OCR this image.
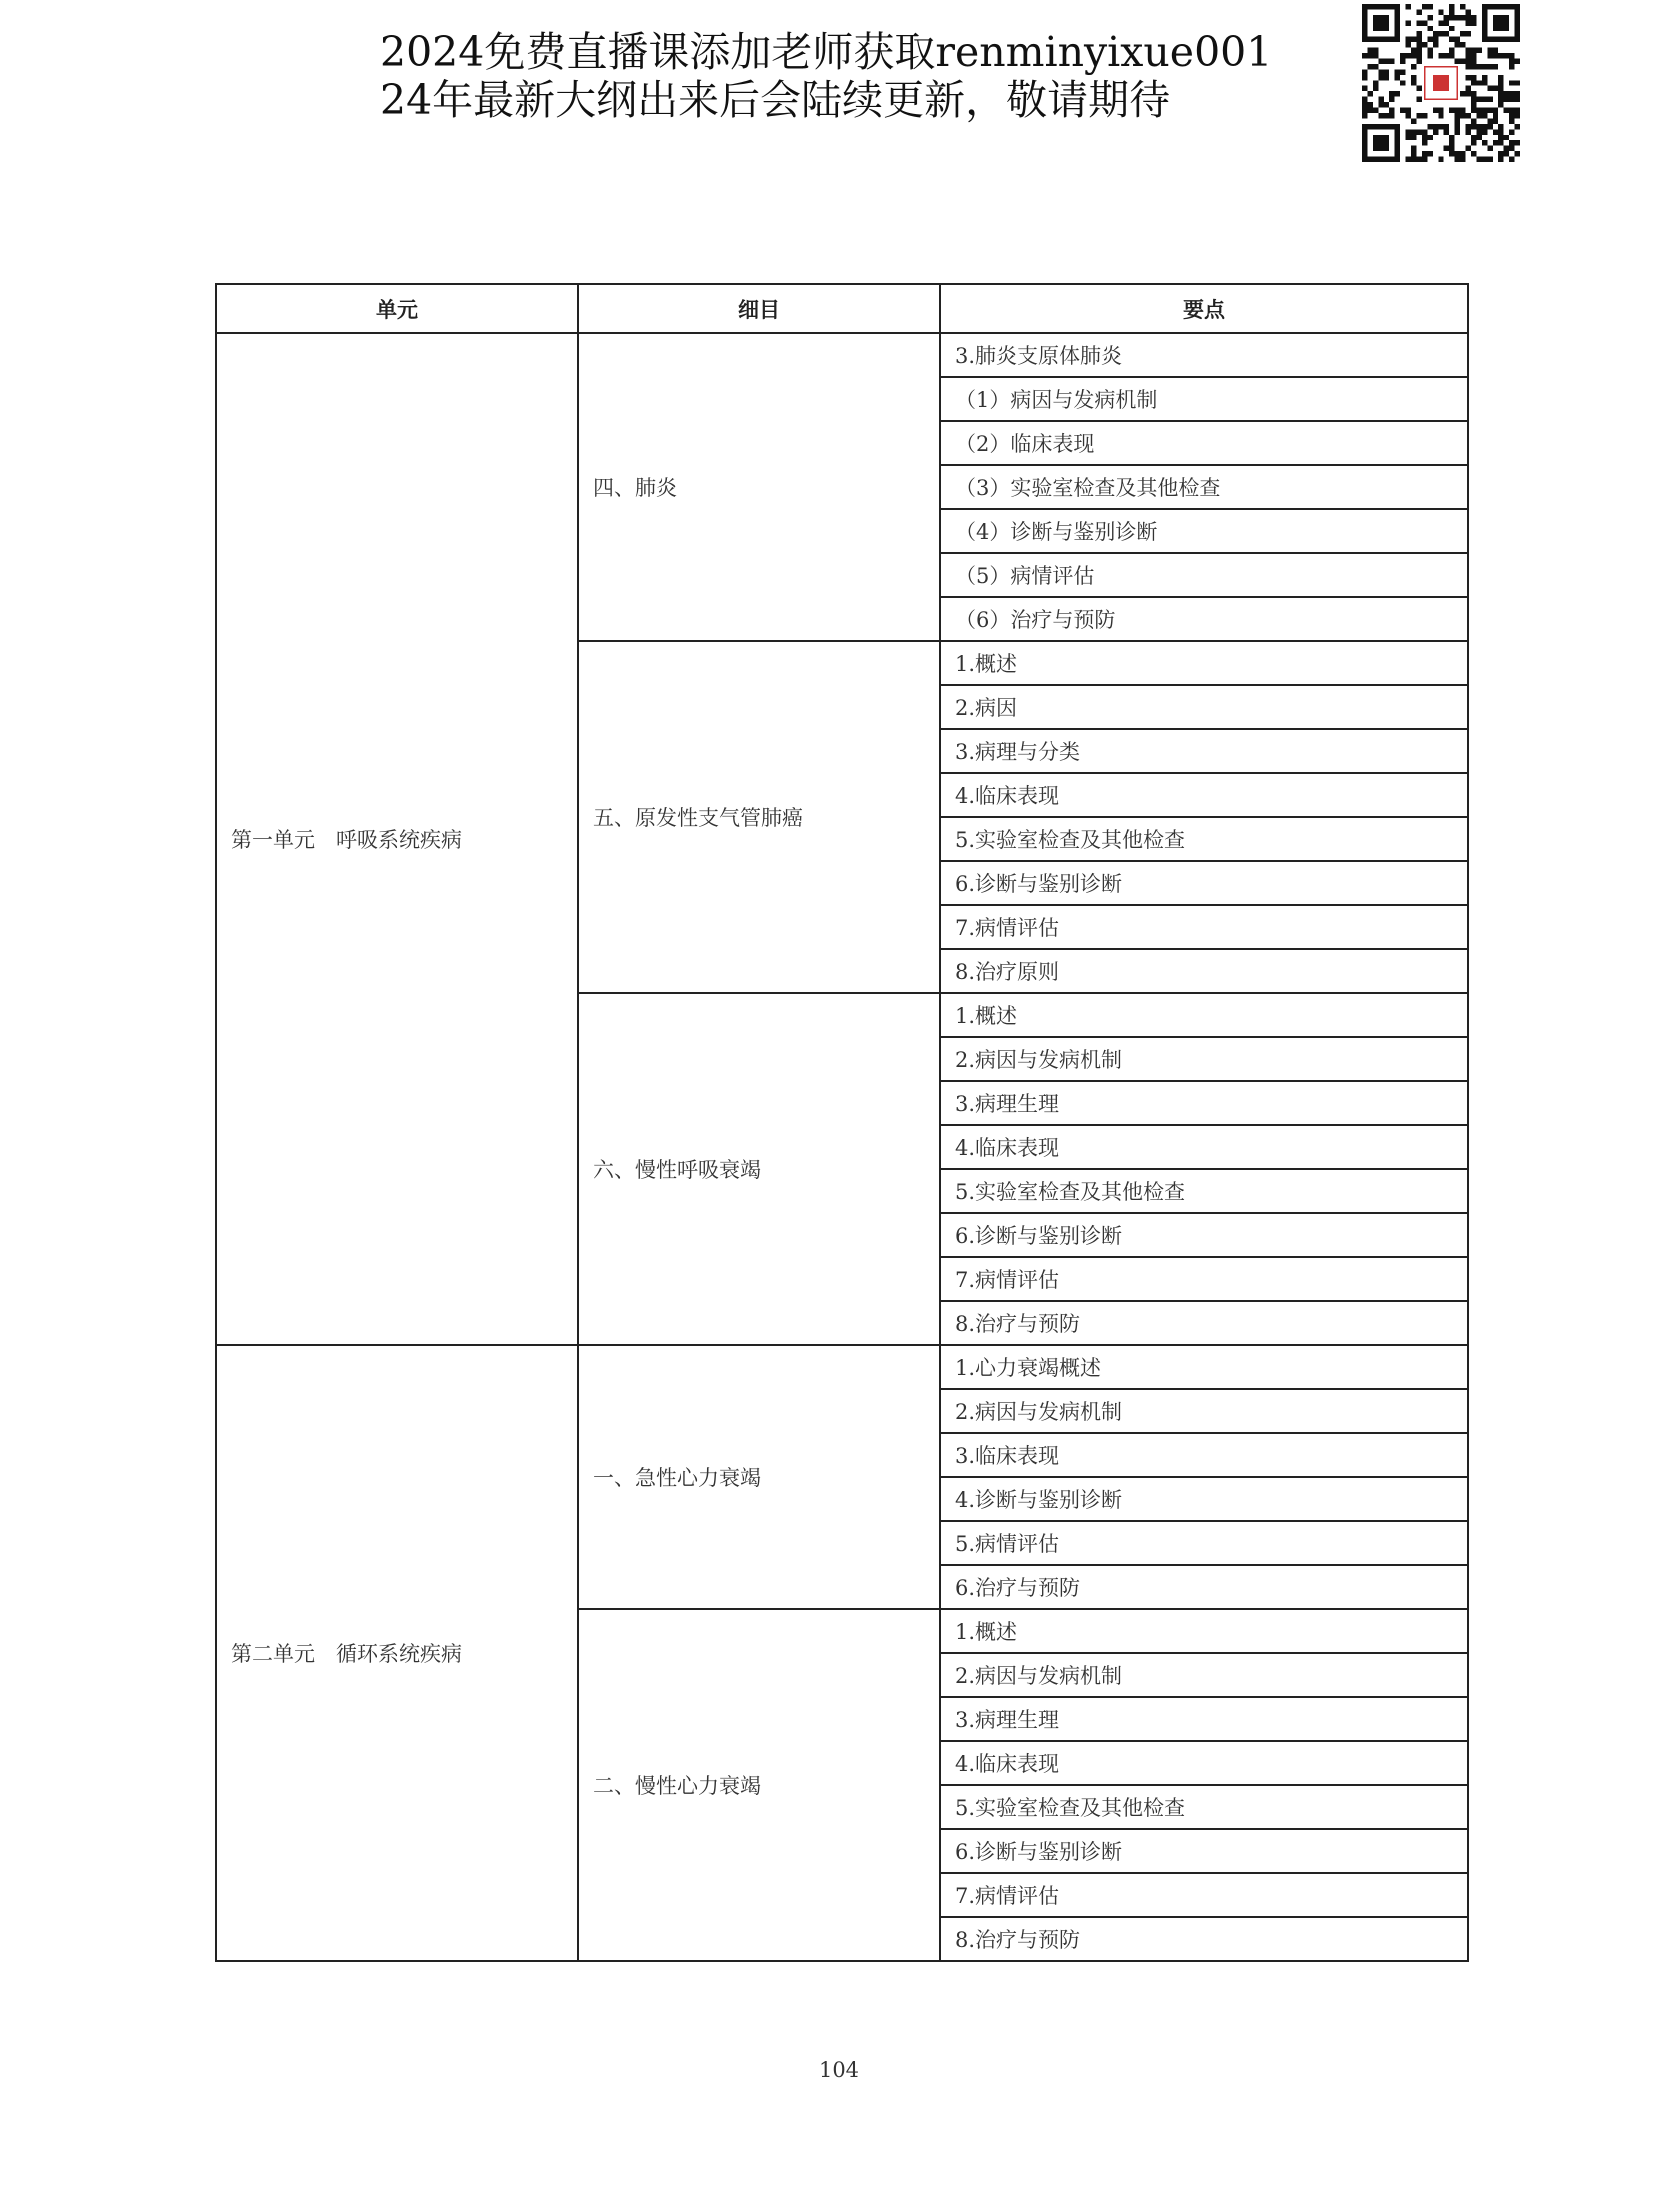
2024免费直播课添加老师获取renminyixue001
24年最新大纲出来后会陆续更新，敬请期待
单元	细目	要点
第一单元　呼吸系统疾病	四、肺炎	3.肺炎支原体肺炎
		（1）病因与发病机制
		（2）临床表现
		（3）实验室检查及其他检查
		（4）诊断与鉴别诊断
		（5）病情评估
		（6）治疗与预防
	五、原发性支气管肺癌	1.概述
		2.病因
		3.病理与分类
		4.临床表现
		5.实验室检查及其他检查
		6.诊断与鉴别诊断
		7.病情评估
		8.治疗原则
	六、慢性呼吸衰竭	1.概述
		2.病因与发病机制
		3.病理生理
		4.临床表现
		5.实验室检查及其他检查
		6.诊断与鉴别诊断
		7.病情评估
		8.治疗与预防
第二单元　循环系统疾病	一、急性心力衰竭	1.心力衰竭概述
		2.病因与发病机制
		3.临床表现
		4.诊断与鉴别诊断
		5.病情评估
		6.治疗与预防
	二、慢性心力衰竭	1.概述
		2.病因与发病机制
		3.病理生理
		4.临床表现
		5.实验室检查及其他检查
		6.诊断与鉴别诊断
		7.病情评估
		8.治疗与预防
104
